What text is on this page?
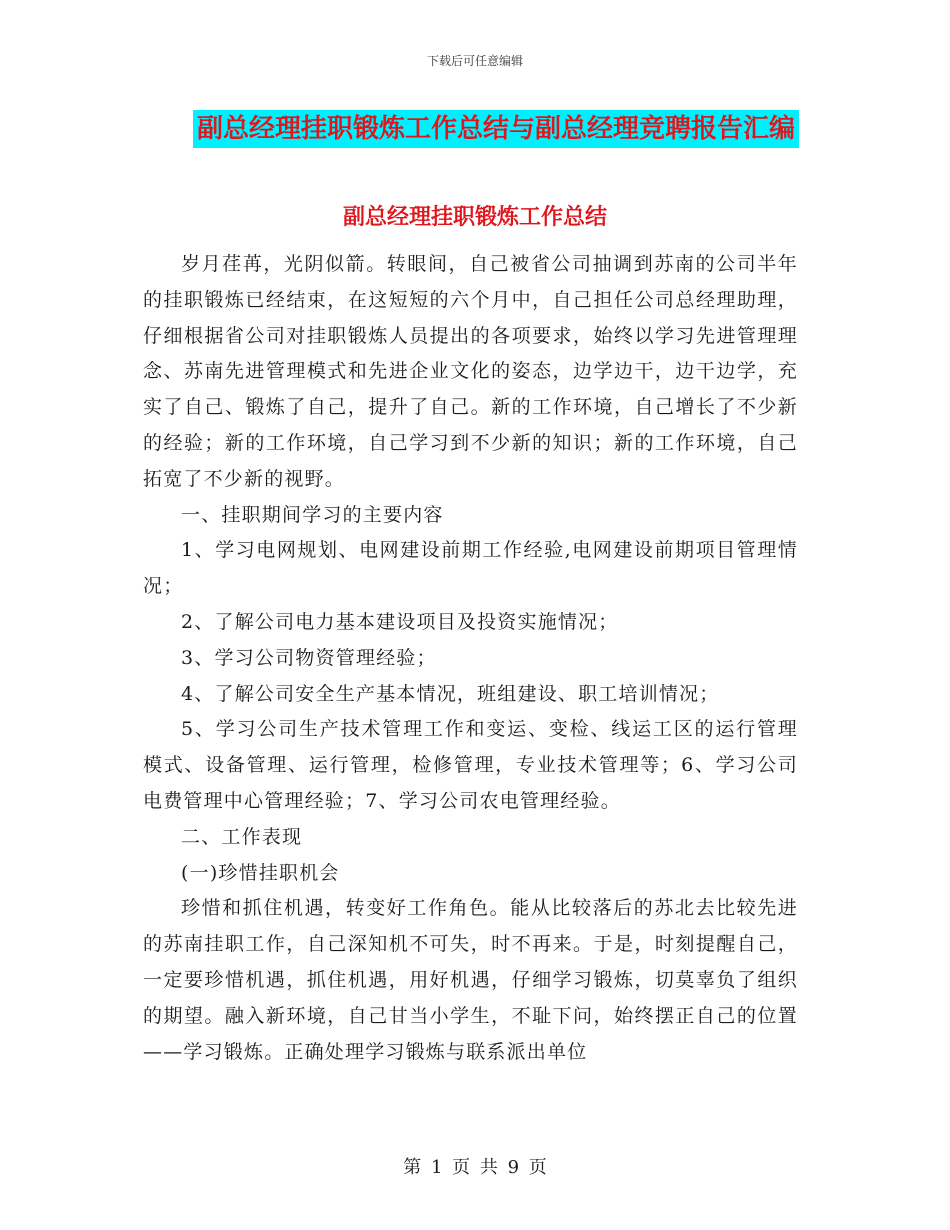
下载后可任意编辑
副总经理挂职锻炼工作总结与副总经理竞聘报告汇编
副总经理挂职锻炼工作总结

岁月荏苒，光阴似箭。转眼间，自己被省公司抽调到苏南的公司半年的挂职锻炼已经结束，在这短短的六个月中，自己担任公司总经理助理，仔细根据省公司对挂职锻炼人员提出的各项要求，始终以学习先进管理理念、苏南先进管理模式和先进企业文化的姿态，边学边干，边干边学，充实了自己、锻炼了自己，提升了自己。新的工作环境，自己增长了不少新的经验；新的工作环境，自己学习到不少新的知识；新的工作环境，自己拓宽了不少新的视野。

一、挂职期间学习的主要内容

1、学习电网规划、电网建设前期工作经验,电网建设前期项目管理情况；

2、了解公司电力基本建设项目及投资实施情况；

3、学习公司物资管理经验；

4、了解公司安全生产基本情况，班组建设、职工培训情况；

5、学习公司生产技术管理工作和变运、变检、线运工区的运行管理模式、设备管理、运行管理，检修管理，专业技术管理等；6、学习公司电费管理中心管理经验；7、学习公司农电管理经验。

二、工作表现

(一)珍惜挂职机会

珍惜和抓住机遇，转变好工作角色。能从比较落后的苏北去比较先进的苏南挂职工作，自己深知机不可失，时不再来。于是，时刻提醒自己，一定要珍惜机遇，抓住机遇，用好机遇，仔细学习锻炼，切莫辜负了组织的期望。融入新环境，自己甘当小学生，不耻下问，始终摆正自己的位置——学习锻炼。正确处理学习锻炼与联系派出单位

第 1 页 共 9 页
